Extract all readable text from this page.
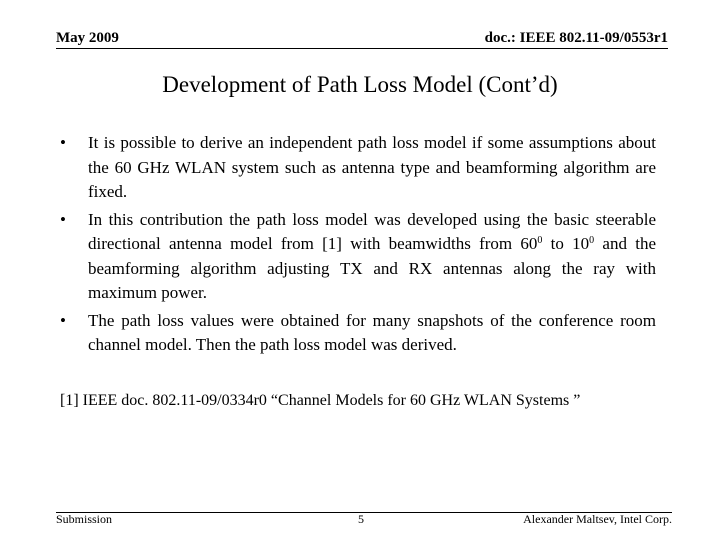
May 2009	doc.: IEEE 802.11-09/0553r1
Development of Path Loss Model (Cont’d)
•	It is possible to derive an independent path loss model if some assumptions about the 60 GHz WLAN system such as antenna type and beamforming algorithm are fixed.
•	In this contribution the path loss model was developed using the basic steerable directional antenna model from [1] with beamwidths from $60^0$ to $10^0$ and the beamforming algorithm adjusting TX and RX antennas along the ray with maximum power.
•	The path loss values were obtained for many snapshots of the conference room channel model. Then the path loss model was derived.
[1] IEEE doc. 802.11-09/0334r0 “Channel Models for 60 GHz WLAN Systems ”
Submission	5	Alexander Maltsev, Intel Corp.
